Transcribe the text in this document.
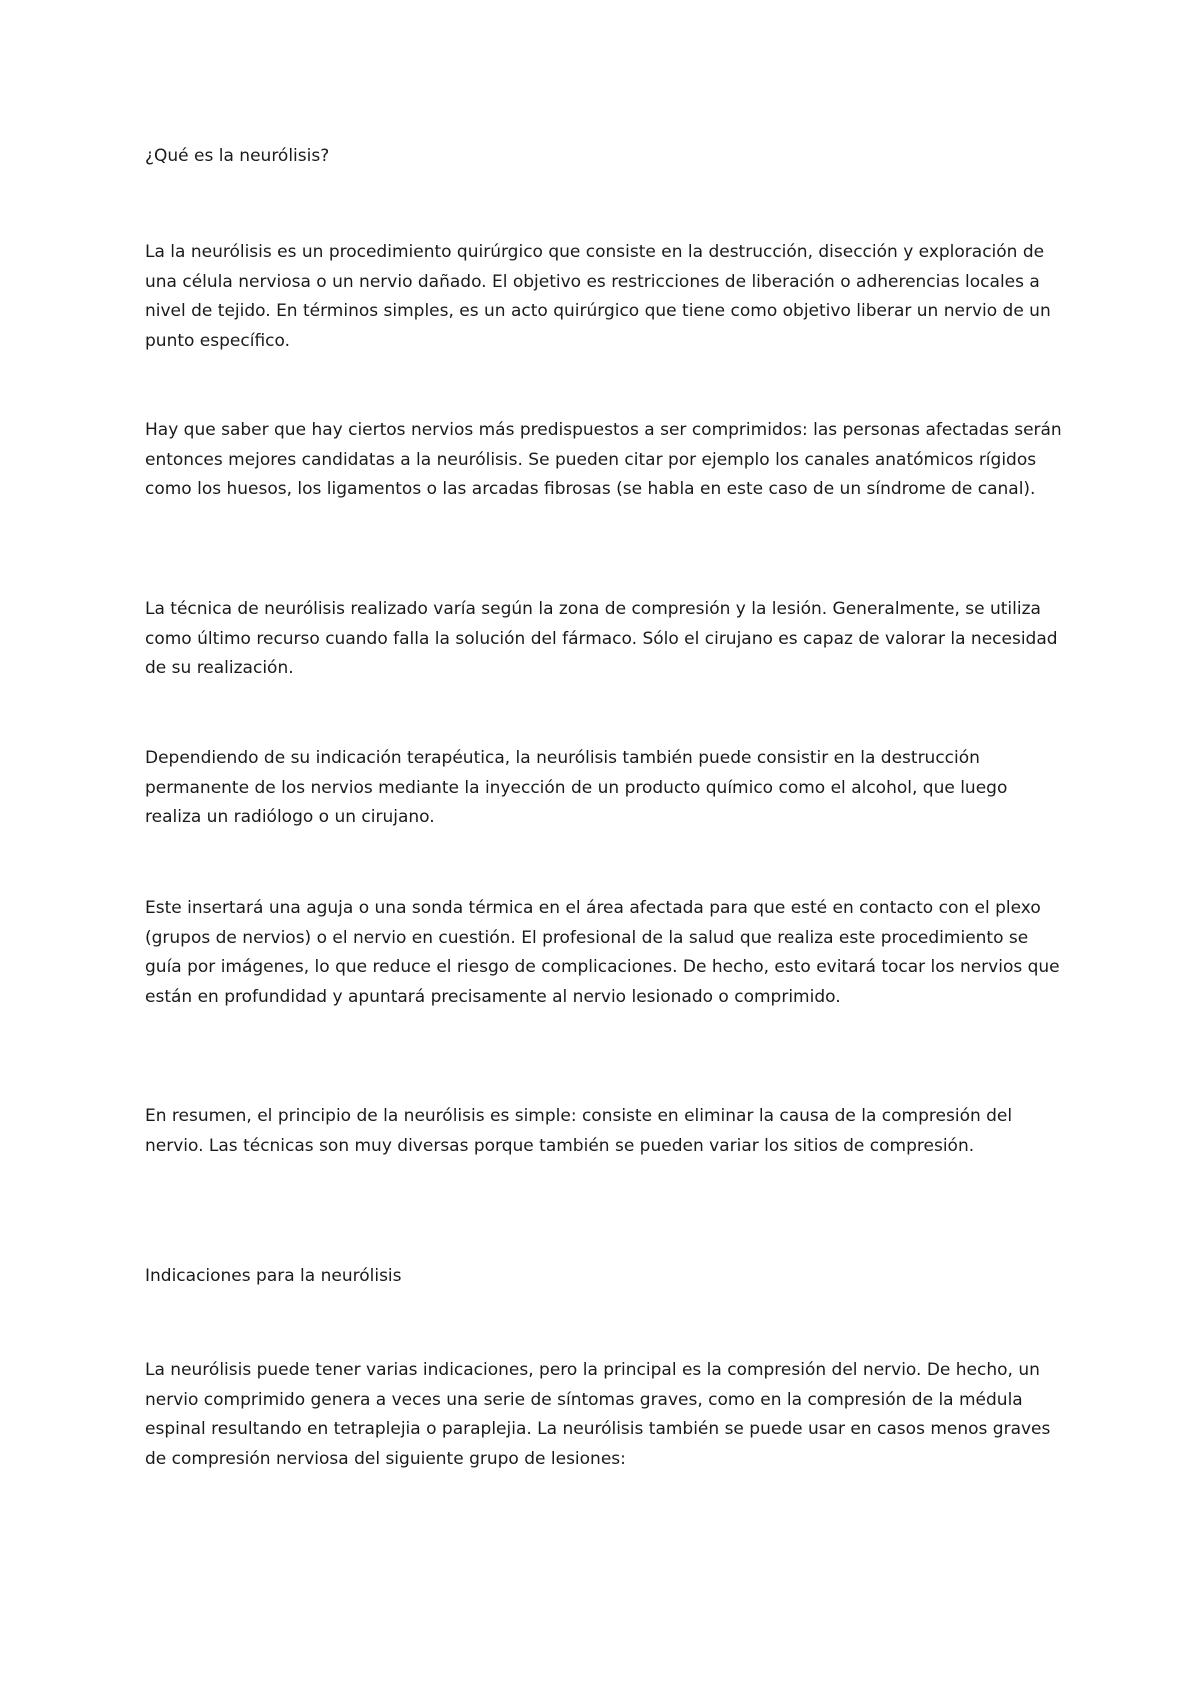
¿Qué es la neurólisis?

La la neurólisis es un procedimiento quirúrgico que consiste en la destrucción, disección y exploración de una célula nerviosa o un nervio dañado. El objetivo es restricciones de liberación o adherencias locales a nivel de tejido. En términos simples, es un acto quirúrgico que tiene como objetivo liberar un nervio de un punto específico.

Hay que saber que hay ciertos nervios más predispuestos a ser comprimidos: las personas afectadas serán entonces mejores candidatas a la neurólisis. Se pueden citar por ejemplo los canales anatómicos rígidos como los huesos, los ligamentos o las arcadas fibrosas (se habla en este caso de un síndrome de canal).

La técnica de neurólisis realizado varía según la zona de compresión y la lesión. Generalmente, se utiliza como último recurso cuando falla la solución del fármaco. Sólo el cirujano es capaz de valorar la necesidad de su realización.

Dependiendo de su indicación terapéutica, la neurólisis también puede consistir en la destrucción permanente de los nervios mediante la inyección de un producto químico como el alcohol, que luego realiza un radiólogo o un cirujano.

Este insertará una aguja o una sonda térmica en el área afectada para que esté en contacto con el plexo (grupos de nervios) o el nervio en cuestión. El profesional de la salud que realiza este procedimiento se guía por imágenes, lo que reduce el riesgo de complicaciones. De hecho, esto evitará tocar los nervios que están en profundidad y apuntará precisamente al nervio lesionado o comprimido.

En resumen, el principio de la neurólisis es simple: consiste en eliminar la causa de la compresión del nervio. Las técnicas son muy diversas porque también se pueden variar los sitios de compresión.

Indicaciones para la neurólisis

La neurólisis puede tener varias indicaciones, pero la principal es la compresión del nervio. De hecho, un nervio comprimido genera a veces una serie de síntomas graves, como en la compresión de la médula espinal resultando en tetraplejia o paraplejia. La neurólisis también se puede usar en casos menos graves de compresión nerviosa del siguiente grupo de lesiones:
